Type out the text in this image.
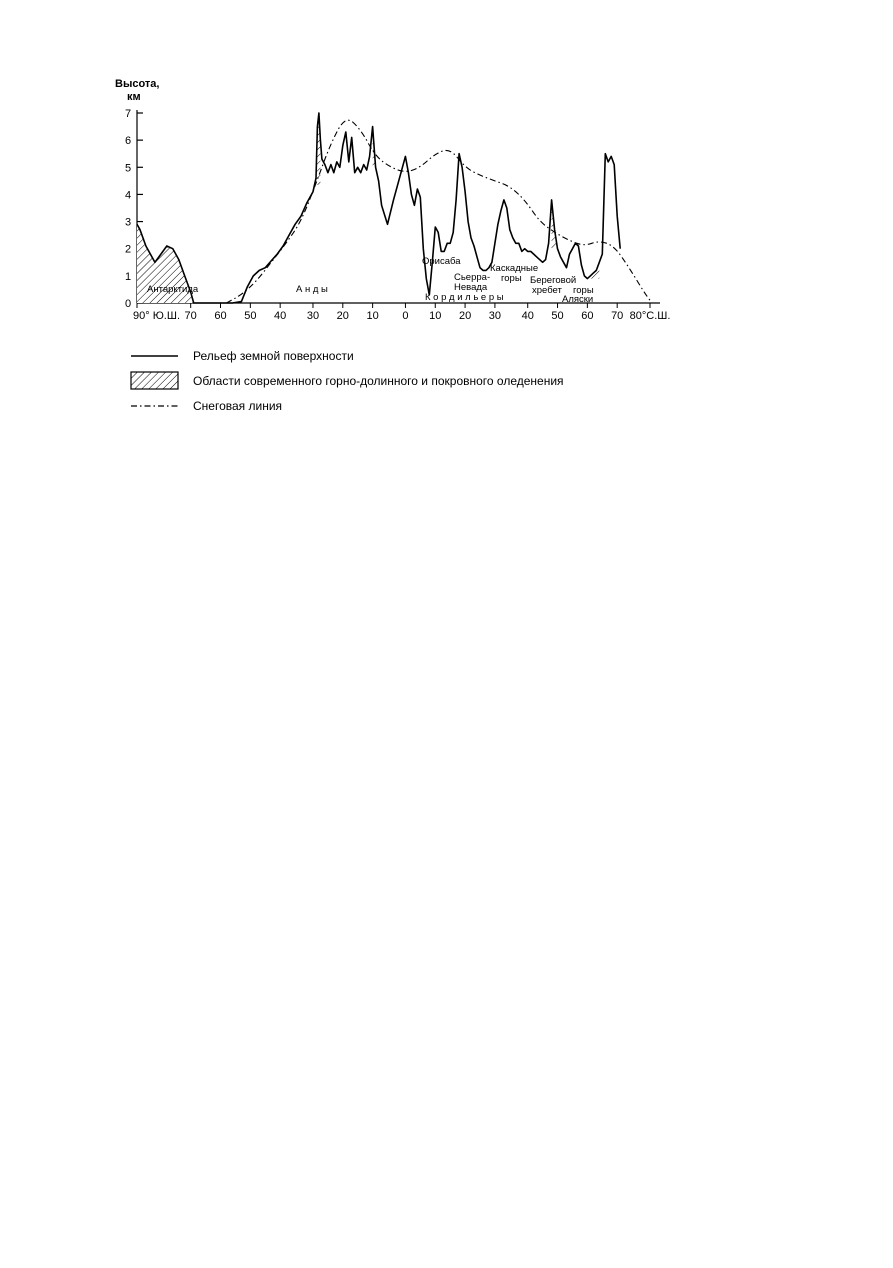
Высота,
км
0
1
2
3
4
5
6
7
90° Ю.Ш. 70 60 50 40 30 20 10 0 10 20 30 40 50 60 70 80°С.Ш.
Антарктида	А н д ы
Орисаба
Сьерра-
Невада
Каскадные
горы Береговой
хребет горы
Аляски
К о р д и л ь е р ы
Рельеф земной поверхности
Области современного горно-долинного и покровного оледенения
Снеговая линия
